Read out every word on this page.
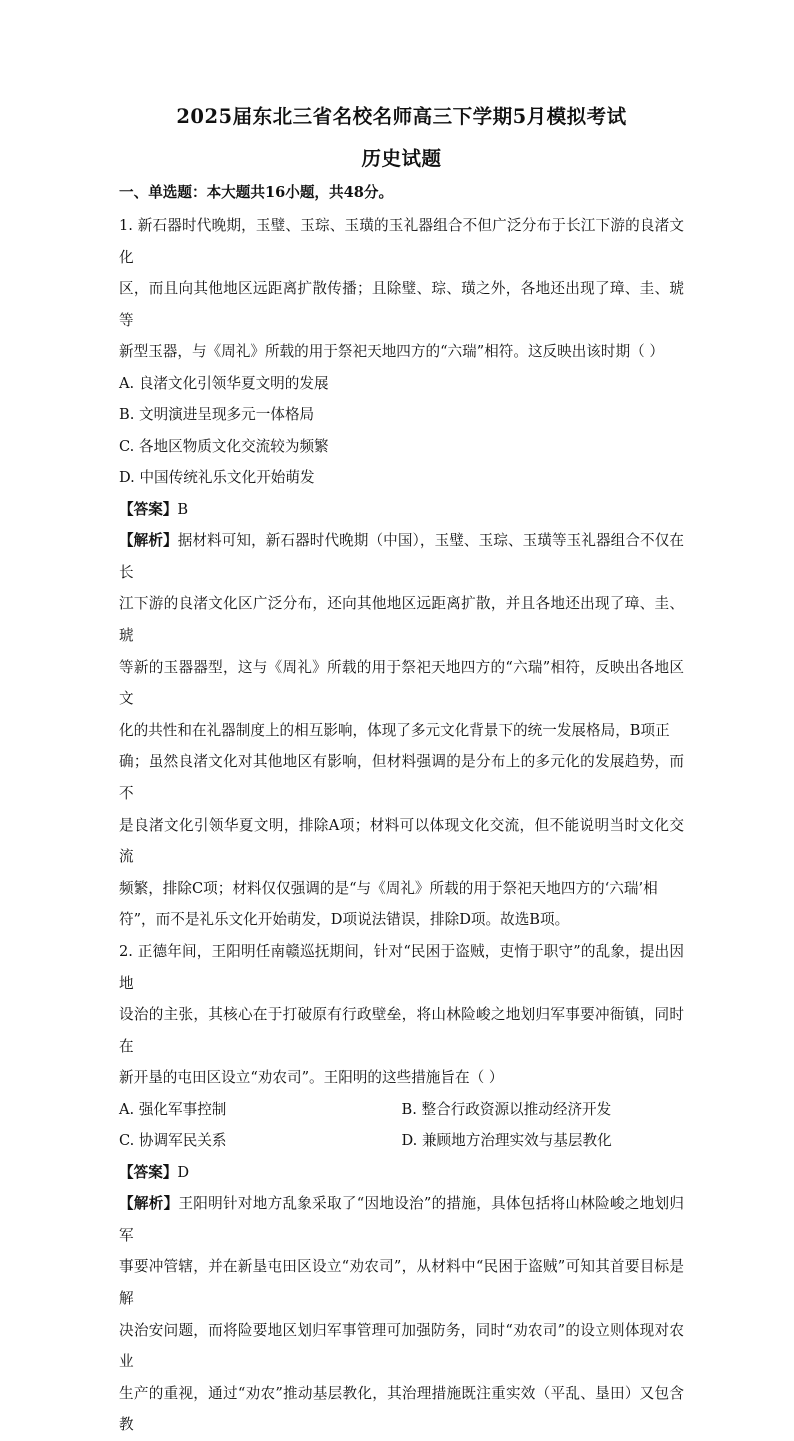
2025届东北三省名校名师高三下学期5月模拟考试
历史试题
一、单选题：本大题共16小题，共48分。
1. 新石器时代晚期，玉璧、玉琮、玉璜的玉礼器组合不但广泛分布于长江下游的良渚文化
区，而且向其他地区远距离扩散传播；且除璧、琮、璜之外，各地还出现了璋、圭、琥等
新型玉器，与《周礼》所载的用于祭祀天地四方的“六瑞”相符。这反映出该时期（ ）
A. 良渚文化引领华夏文明的发展
B. 文明演进呈现多元一体格局
C. 各地区物质文化交流较为频繁
D. 中国传统礼乐文化开始萌发
【答案】B
【解析】据材料可知，新石器时代晚期（中国），玉璧、玉琮、玉璜等玉礼器组合不仅在长
江下游的良渚文化区广泛分布，还向其他地区远距离扩散，并且各地还出现了璋、圭、琥
等新的玉器器型，这与《周礼》所载的用于祭祀天地四方的“六瑞”相符，反映出各地区文
化的共性和在礼器制度上的相互影响，体现了多元文化背景下的统一发展格局，B项正
确；虽然良渚文化对其他地区有影响，但材料强调的是分布上的多元化的发展趋势，而不
是良渚文化引领华夏文明，排除A项；材料可以体现文化交流，但不能说明当时文化交流
频繁，排除C项；材料仅仅强调的是“与《周礼》所载的用于祭祀天地四方的‘六瑞’相
符”，而不是礼乐文化开始萌发，D项说法错误，排除D项。故选B项。
2. 正德年间，王阳明任南赣巡抚期间，针对“民困于盗贼，吏惰于职守”的乱象，提出因地
设治的主张，其核心在于打破原有行政壁垒，将山林险峻之地划归军事要冲衙镇，同时在
新开垦的屯田区设立“劝农司”。王阳明的这些措施旨在（ ）
A. 强化军事控制	B. 整合行政资源以推动经济开发
C. 协调军民关系	D. 兼顾地方治理实效与基层教化
【答案】D
【解析】王阳明针对地方乱象采取了“因地设治”的措施，具体包括将山林险峻之地划归军
事要冲管辖，并在新垦屯田区设立“劝农司”，从材料中“民困于盗贼”可知其首要目标是解
决治安问题，而将险要地区划归军事管理可加强防务，同时“劝农司”的设立则体现对农业
生产的重视，通过“劝农”推动基层教化，其治理措施既注重实效（平乱、垦田）又包含教
